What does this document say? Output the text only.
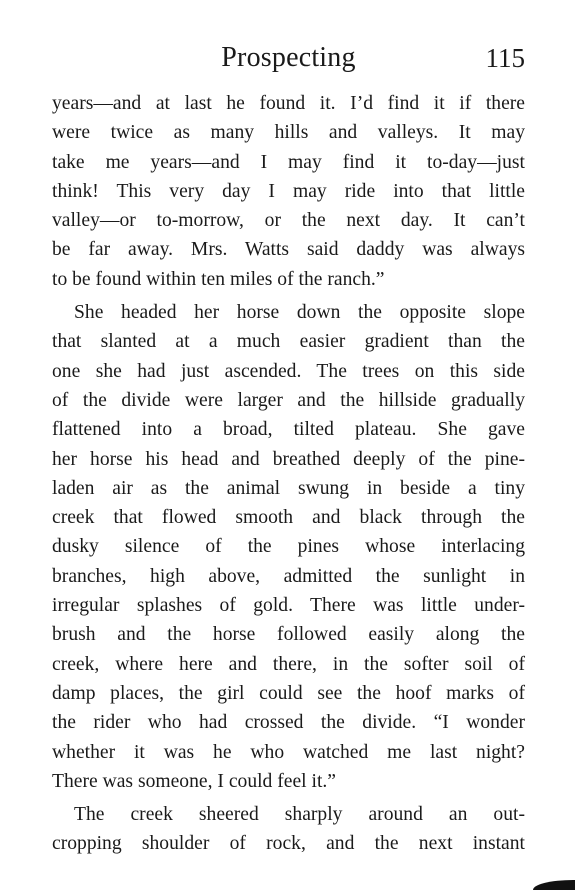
Prospecting	115

years—and at last he found it. I’d find it if there
were twice as many hills and valleys. It may
take me years—and I may find it to-day—just
think! This very day I may ride into that little
valley—or to-morrow, or the next day. It can’t
be far away. Mrs. Watts said daddy was always
to be found within ten miles of the ranch.”

She headed her horse down the opposite slope
that slanted at a much easier gradient than the
one she had just ascended. The trees on this side
of the divide were larger and the hillside gradually
flattened into a broad, tilted plateau. She gave
her horse his head and breathed deeply of the pine-
laden air as the animal swung in beside a tiny
creek that flowed smooth and black through the
dusky silence of the pines whose interlacing
branches, high above, admitted the sunlight in
irregular splashes of gold. There was little under-
brush and the horse followed easily along the
creek, where here and there, in the softer soil of
damp places, the girl could see the hoof marks of
the rider who had crossed the divide. “I wonder
whether it was he who watched me last night?
There was someone, I could feel it.”

The creek sheered sharply around an out-
cropping shoulder of rock, and the next instant
